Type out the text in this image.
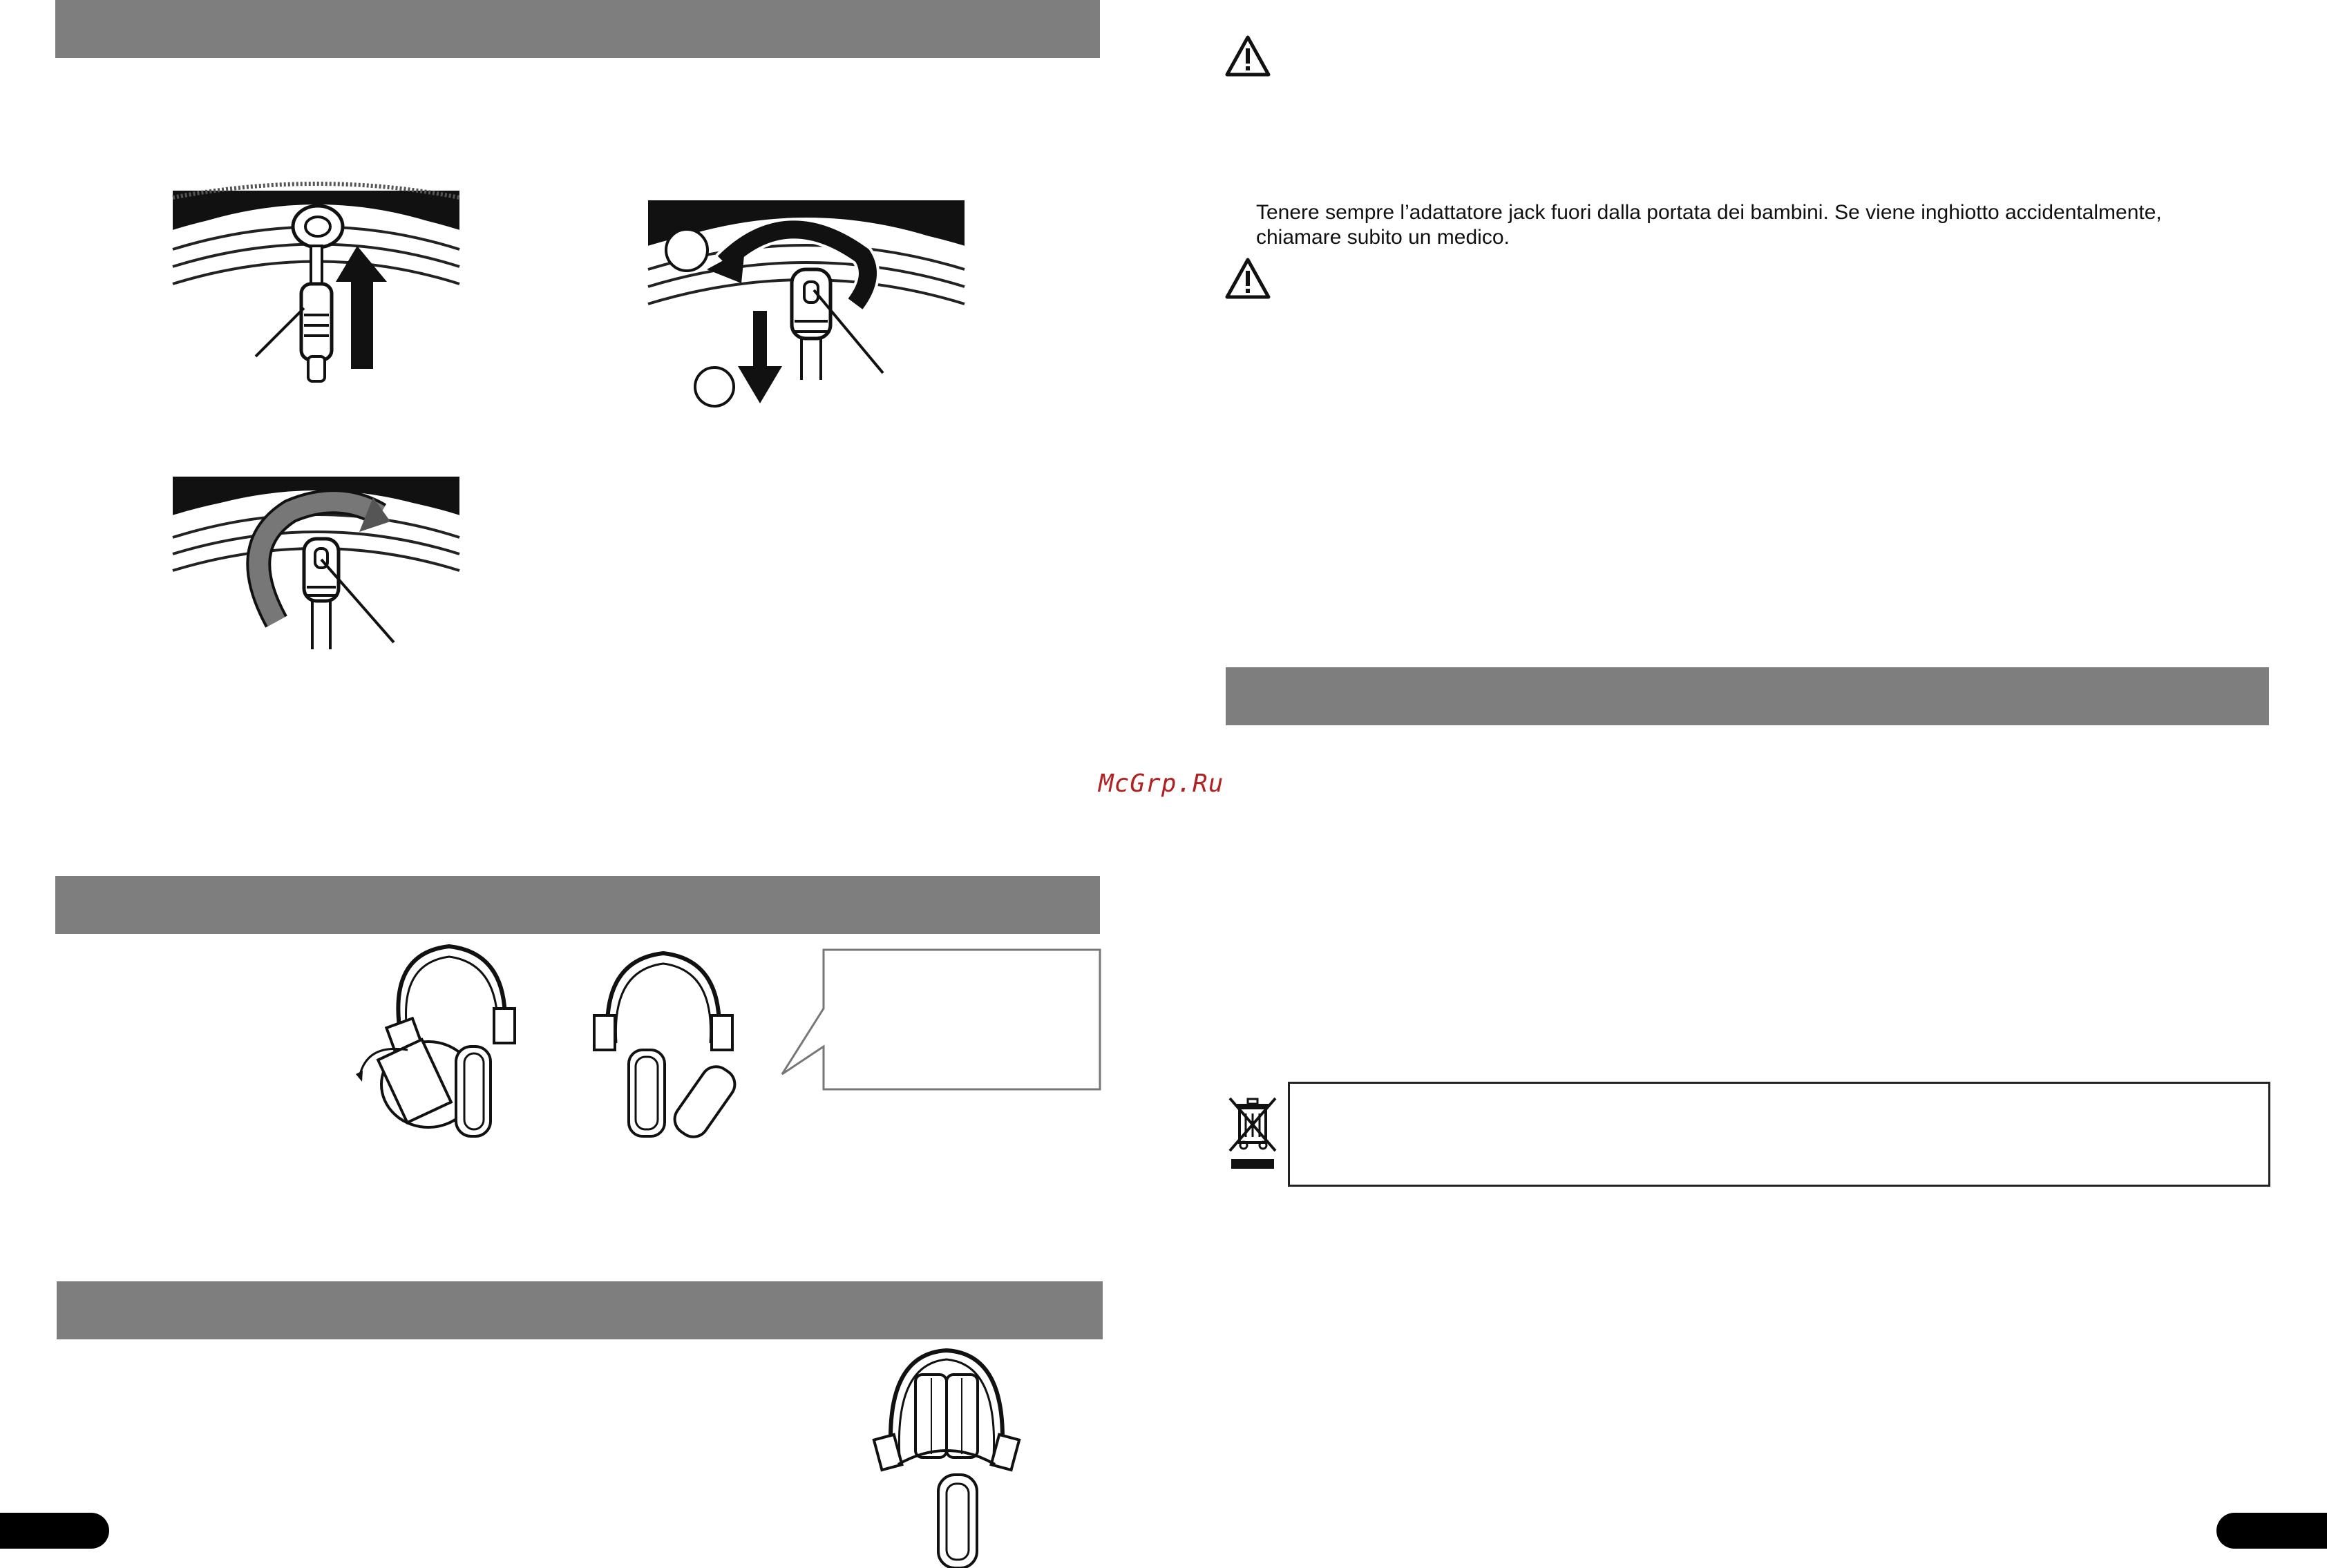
Tenere sempre l’adattatore jack fuori dalla portata dei bambini. Se viene inghiotto accidentalmente,
chiamare subito un medico.
McGrp.Ru
